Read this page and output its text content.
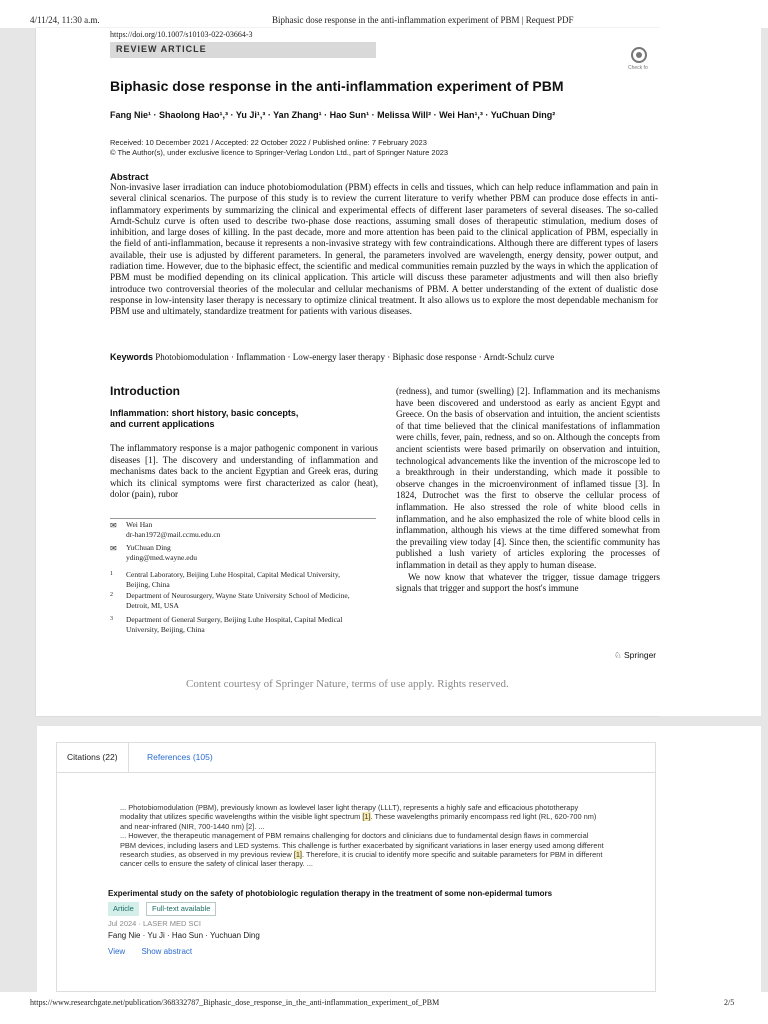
4/11/24, 11:30 a.m.	Biphasic dose response in the anti-inflammation experiment of PBM | Request PDF
https://doi.org/10.1007/s10103-022-03664-3
REVIEW ARTICLE
Check fo
Biphasic dose response in the anti-inflammation experiment of PBM
Fang Nie¹ · Shaolong Hao¹,³ · Yu Ji¹,³ · Yan Zhang¹ · Hao Sun¹ · Melissa Will² · Wei Han¹,³ · YuChuan Ding²
Received: 10 December 2021 / Accepted: 22 October 2022 / Published online: 7 February 2023
© The Author(s), under exclusive licence to Springer-Verlag London Ltd., part of Springer Nature 2023
Abstract
Non-invasive laser irradiation can induce photobiomodulation (PBM) effects in cells and tissues, which can help reduce inflammation and pain in several clinical scenarios. The purpose of this study is to review the current literature to verify whether PBM can produce dose effects in anti-inflammatory experiments by summarizing the clinical and experimental effects of different laser parameters of several diseases. The so-called Arndt-Schulz curve is often used to describe two-phase dose reactions, assuming small doses of therapeutic stimulation, medium doses of inhibition, and large doses of killing. In the past decade, more and more attention has been paid to the clinical application of PBM, especially in the field of anti-inflammation, because it represents a non-invasive strategy with few contraindications. Although there are different types of lasers available, their use is adjusted by different parameters. In general, the parameters involved are wavelength, energy density, power output, and radiation time. However, due to the biphasic effect, the scientific and medical communities remain puzzled by the ways in which the application of PBM must be modified depending on its clinical application. This article will discuss these parameter adjustments and will then also briefly introduce two controversial theories of the molecular and cellular mechanisms of PBM. A better understanding of the extent of dualistic dose response in low-intensity laser therapy is necessary to optimize clinical treatment. It also allows us to explore the most dependable mechanism for PBM use and ultimately, standardize treatment for patients with various diseases.
Keywords Photobiomodulation · Inflammation · Low-energy laser therapy · Biphasic dose response · Arndt-Schulz curve
Introduction
Inflammation: short history, basic concepts,
and current applications
The inflammatory response is a major pathogenic component in various diseases [1]. The discovery and understanding of inflammation and mechanisms dates back to the ancient Egyptian and Greek eras, during which its clinical symptoms were first characterized as calor (heat), dolor (pain), rubor
(redness), and tumor (swelling) [2]. Inflammation and its mechanisms have been discovered and understood as early as ancient Egypt and Greece. On the basis of observation and intuition, the ancient scientists of that time believed that the clinical manifestations of inflammation were chills, fever, pain, redness, and so on. Although the concepts from ancient scientists were based primarily on observation and intuition, technological advancements like the invention of the microscope led to a breakthrough in their understanding, which made it possible to observe changes in the microenvironment of inflamed tissue [3]. In 1824, Dutrochet was the first to observe the cellular process of inflammation. He also stressed the role of white blood cells in inflammation, and he also emphasized the role of white blood cells in inflammation, although his views at the time differed somewhat from the prevailing view today [4]. Since then, the scientific community has published a lush variety of articles exploring the processes of inflammation in detail as they apply to human disease.
We now know that whatever the trigger, tissue damage triggers signals that trigger and support the host's immune
✉ Wei Han
dr-han1972@mail.ccmu.edu.cn
✉ YuChuan Ding
yding@med.wayne.edu
1 Central Laboratory, Beijing Luhe Hospital, Capital Medical University, Beijing, China
2 Department of Neurosurgery, Wayne State University School of Medicine, Detroit, MI, USA
3 Department of General Surgery, Beijing Luhe Hospital, Capital Medical University, Beijing, China
♘ Springer
Content courtesy of Springer Nature, terms of use apply. Rights reserved.
Citations (22)	References (105)
... Photobiomodulation (PBM), previously known as lowlevel laser light therapy (LLLT), represents a highly safe and efficacious phototherapy modality that utilizes specific wavelengths within the visible light spectrum [1]. These wavelengths primarily encompass red light (RL, 620-700 nm) and near-infrared (NIR, 700-1440 nm) [2]. ...
... However, the therapeutic management of PBM remains challenging for doctors and clinicians due to fundamental design flaws in commercial PBM devices, including lasers and LED systems. This challenge is further exacerbated by significant variations in laser energy used among different research studies, as observed in my previous review [1]. Therefore, it is crucial to identify more specific and suitable parameters for PBM in different cancer cells to ensure the safety of clinical laser therapy. ...
Experimental study on the safety of photobiologic regulation therapy in the treatment of some non-epidermal tumors
Article	Full-text available
Jul 2024 · LASER MED SCI
Fang Nie · Yu Ji · Hao Sun · Yuchuan Ding
View Show abstract
https://www.researchgate.net/publication/368332787_Biphasic_dose_response_in_the_anti-inflammation_experiment_of_PBM	2/5
